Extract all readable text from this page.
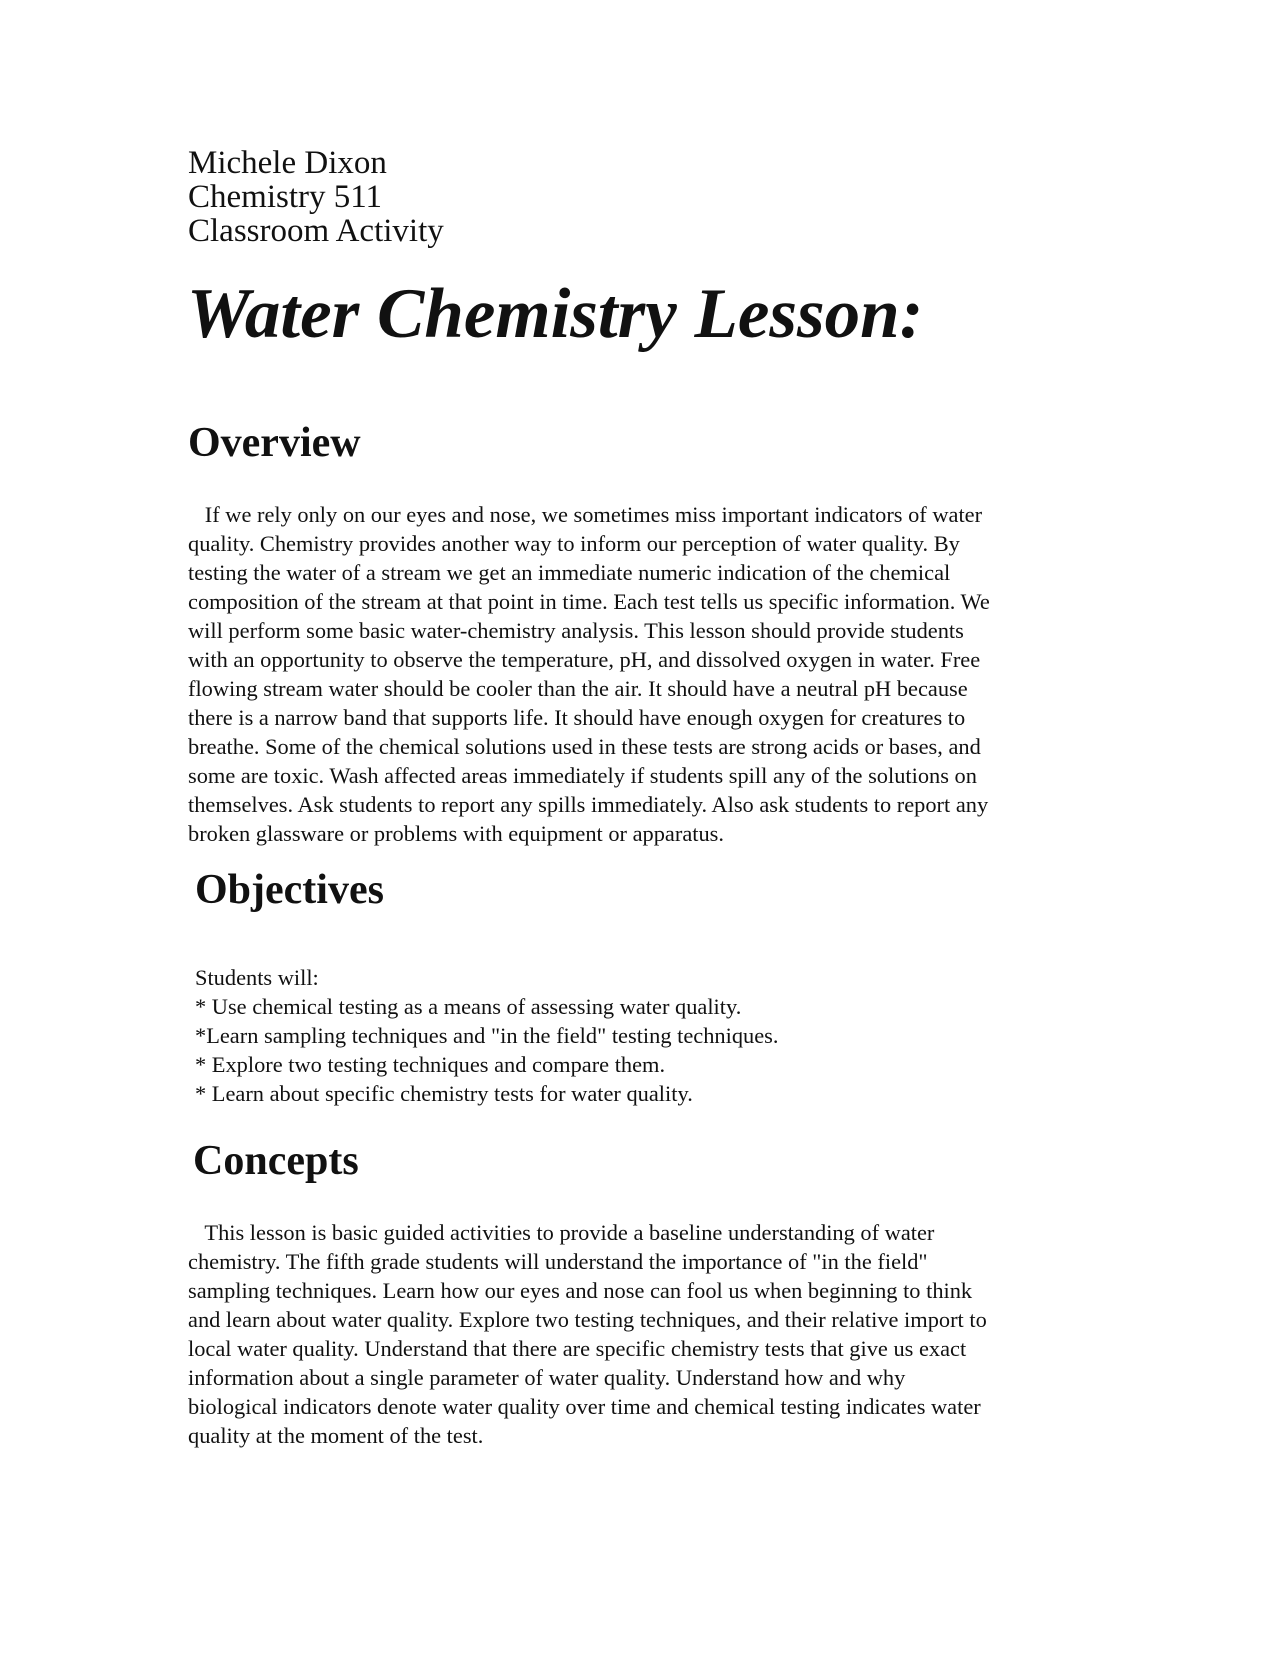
Michele Dixon
Chemistry 511
Classroom Activity
Water Chemistry Lesson:
Overview

If we rely only on our eyes and nose, we sometimes miss important indicators of water

quality. Chemistry provides another way to inform our perception of water quality. By

testing the water of a stream we get an immediate numeric indication of the chemical

composition of the stream at that point in time. Each test tells us specific information. We

will perform some basic water-chemistry analysis. This lesson should provide students

with an opportunity to observe the temperature, pH, and dissolved oxygen in water. Free

flowing stream water should be cooler than the air. It should have a neutral pH because

there is a narrow band that supports life. It should have enough oxygen for creatures to

breathe. Some of the chemical solutions used in these tests are strong acids or bases, and

some are toxic. Wash affected areas immediately if students spill any of the solutions on

themselves. Ask students to report any spills immediately. Also ask students to report any

broken glassware or problems with equipment or apparatus.

Objectives
Students will:
* Use chemical testing as a means of assessing water quality.
*Learn sampling techniques and "in the field" testing techniques.
* Explore two testing techniques and compare them.
* Learn about specific chemistry tests for water quality.
Concepts

This lesson is basic guided activities to provide a baseline understanding of water

chemistry. The fifth grade students will understand the importance of "in the field"

sampling techniques. Learn how our eyes and nose can fool us when beginning to think

and learn about water quality. Explore two testing techniques, and their relative import to

local water quality. Understand that there are specific chemistry tests that give us exact

information about a single parameter of water quality. Understand how and why

biological indicators denote water quality over time and chemical testing indicates water

quality at the moment of the test.
